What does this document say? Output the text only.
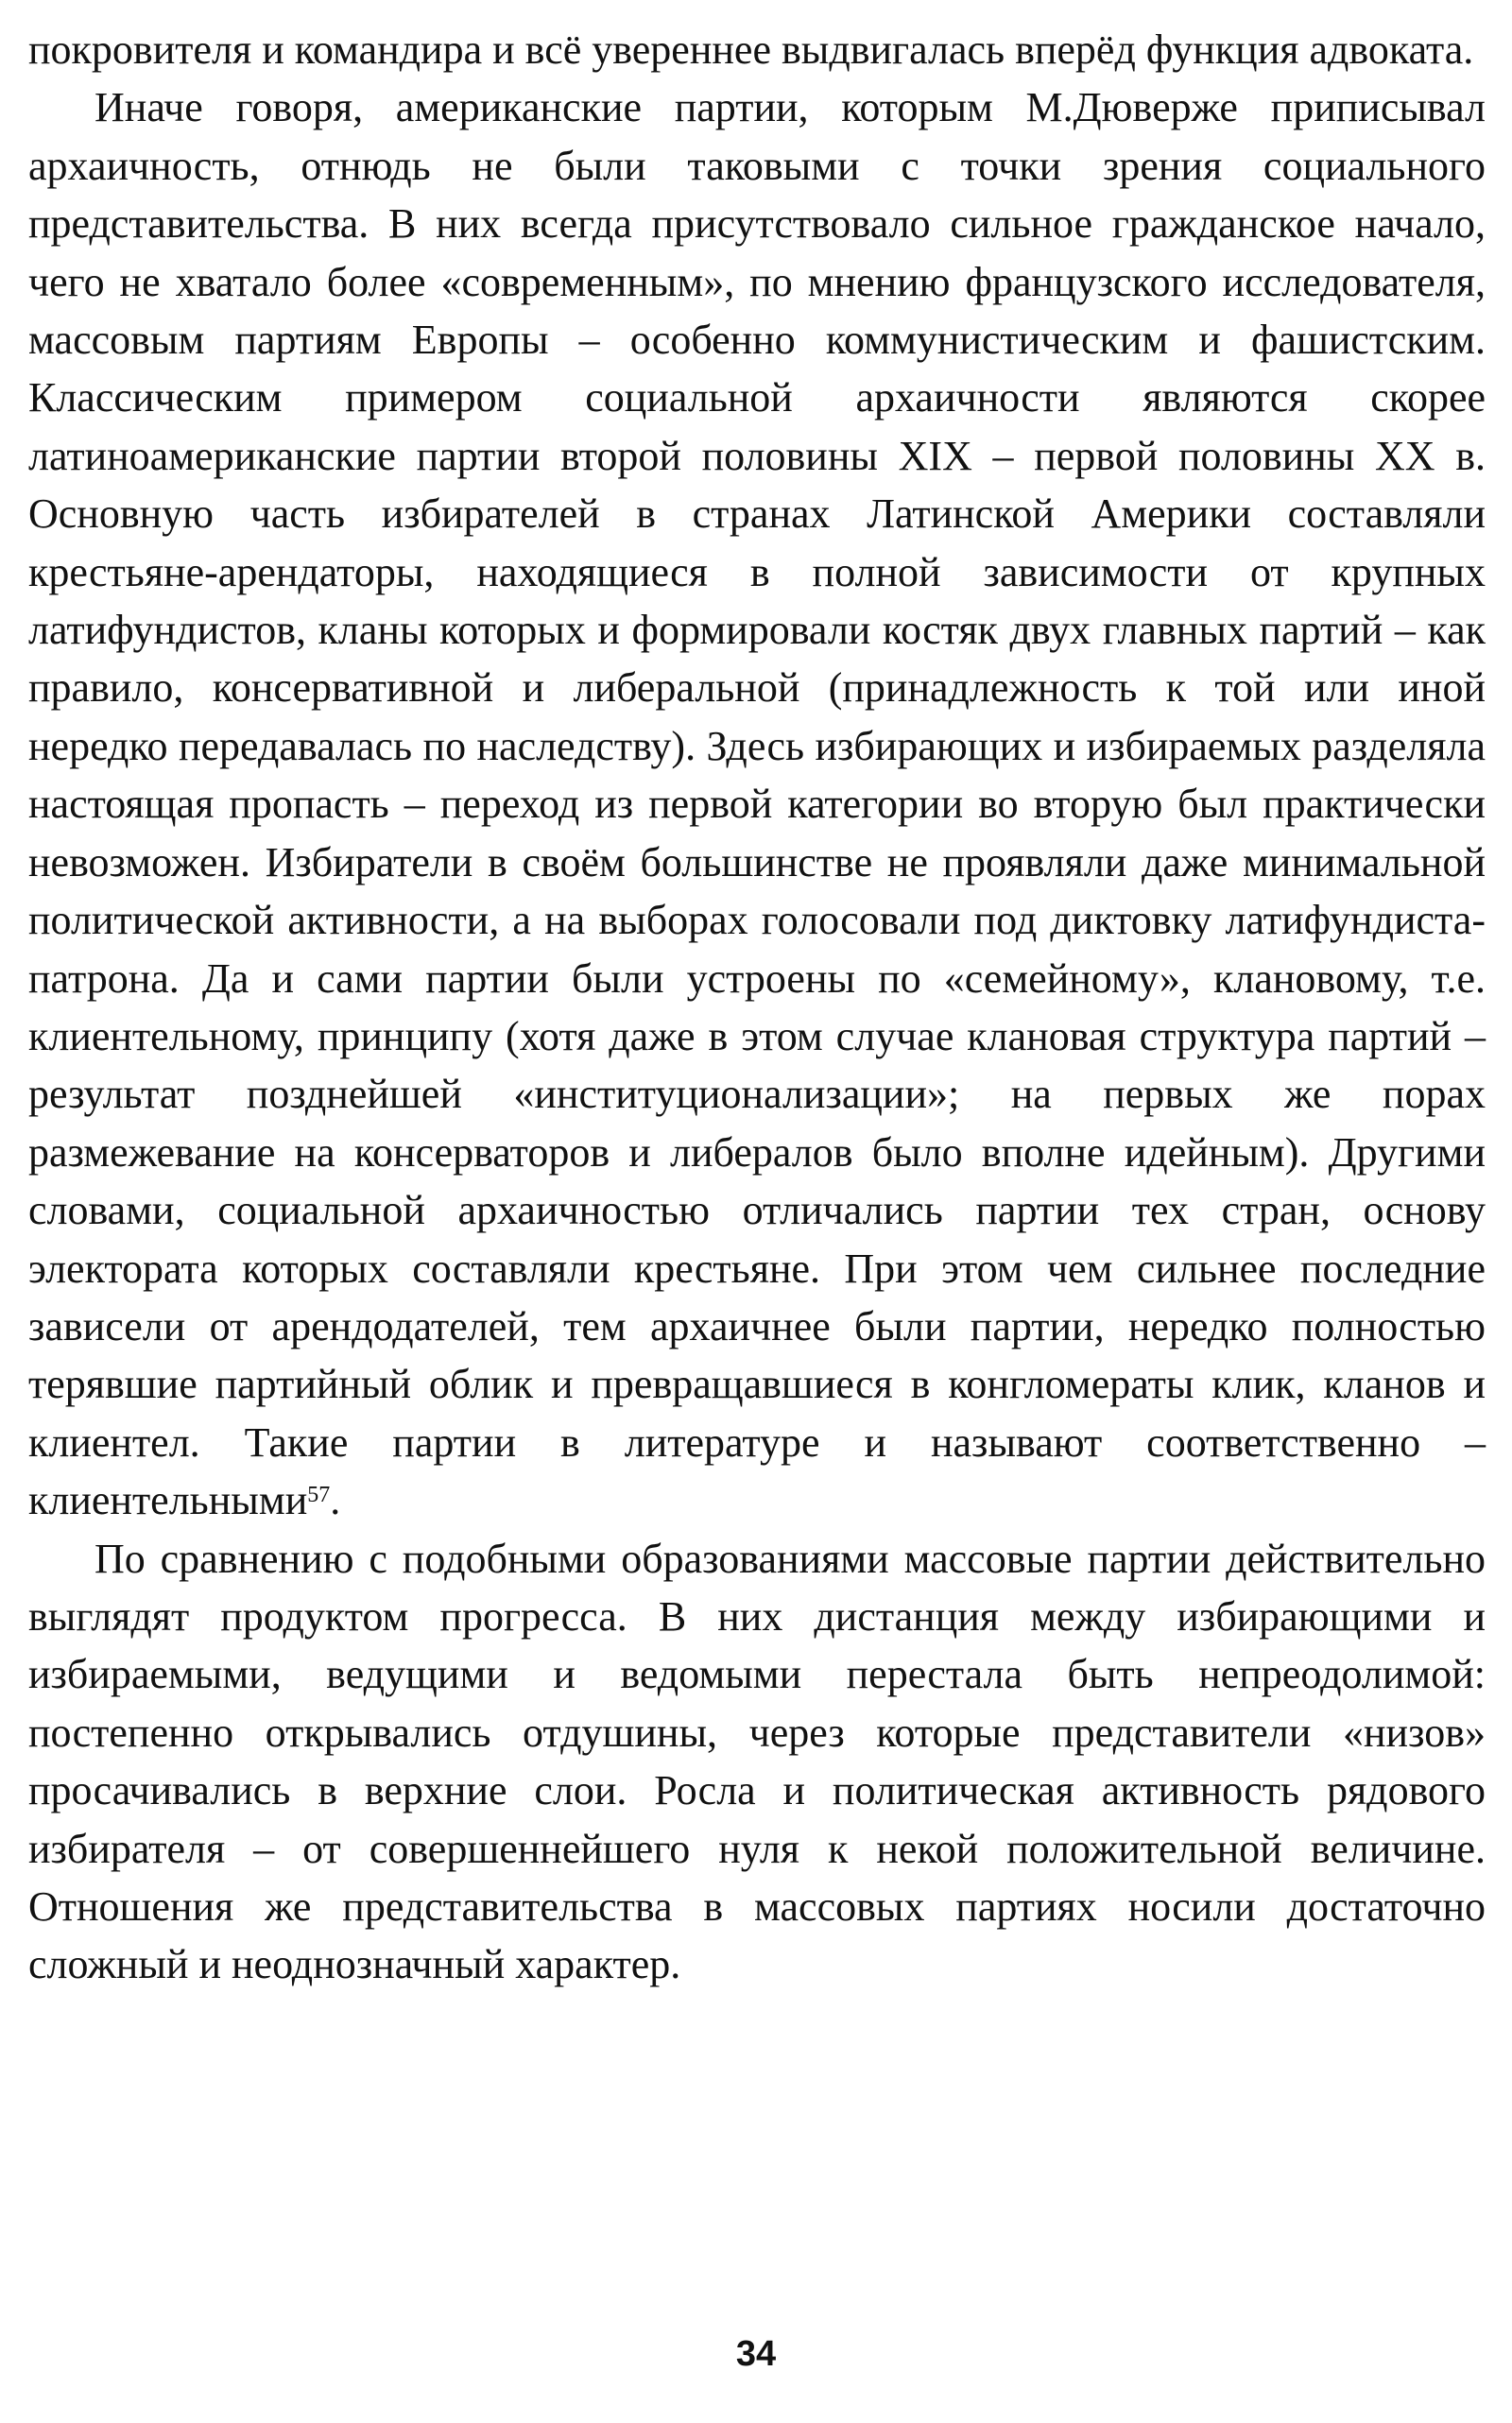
покровителя и командира и всё увереннее выдвигалась вперёд функция адвоката.

Иначе говоря, американские партии, которым М.Дюверже приписывал архаичность, отнюдь не были таковыми с точки зрения социального представительства. В них всегда присутствовало сильное гражданское начало, чего не хватало более «современным», по мнению французского исследователя, массовым партиям Европы – особенно коммунистическим и фашистским. Классическим примером социальной архаичности являются скорее латиноамериканские партии второй половины XIX – первой половины XX в. Основную часть избирателей в странах Латинской Америки составляли крестьяне-арендаторы, находящиеся в полной зависимости от крупных латифундистов, кланы которых и формировали костяк двух главных партий – как правило, консервативной и либеральной (принадлежность к той или иной нередко передавалась по наследству). Здесь избирающих и избираемых разделяла настоящая пропасть – переход из первой категории во вторую был практически невозможен. Избиратели в своём большинстве не проявляли даже минимальной политической активности, а на выборах голосовали под диктовку латифундиста-патрона. Да и сами партии были устроены по «семейному», клановому, т.е. клиентельному, принципу (хотя даже в этом случае клановая структура партий – результат позднейшей «институционализации»; на первых же порах размежевание на консерваторов и либералов было вполне идейным). Другими словами, социальной архаичностью отличались партии тех стран, основу электората которых составляли крестьяне. При этом чем сильнее последние зависели от арендодателей, тем архаичнее были партии, нередко полностью терявшие партийный облик и превращавшиеся в конгломераты клик, кланов и клиентел. Такие партии в литературе и называют соответственно – клиентельными$^{57}$.

По сравнению с подобными образованиями массовые партии действительно выглядят продуктом прогресса. В них дистанция между избирающими и избираемыми, ведущими и ведомыми перестала быть непреодолимой: постепенно открывались отдушины, через которые представители «низов» просачивались в верхние слои. Росла и политическая активность рядового избирателя – от совершеннейшего нуля к некой положительной величине. Отношения же представительства в массовых партиях носили достаточно сложный и неоднозначный характер.

34
